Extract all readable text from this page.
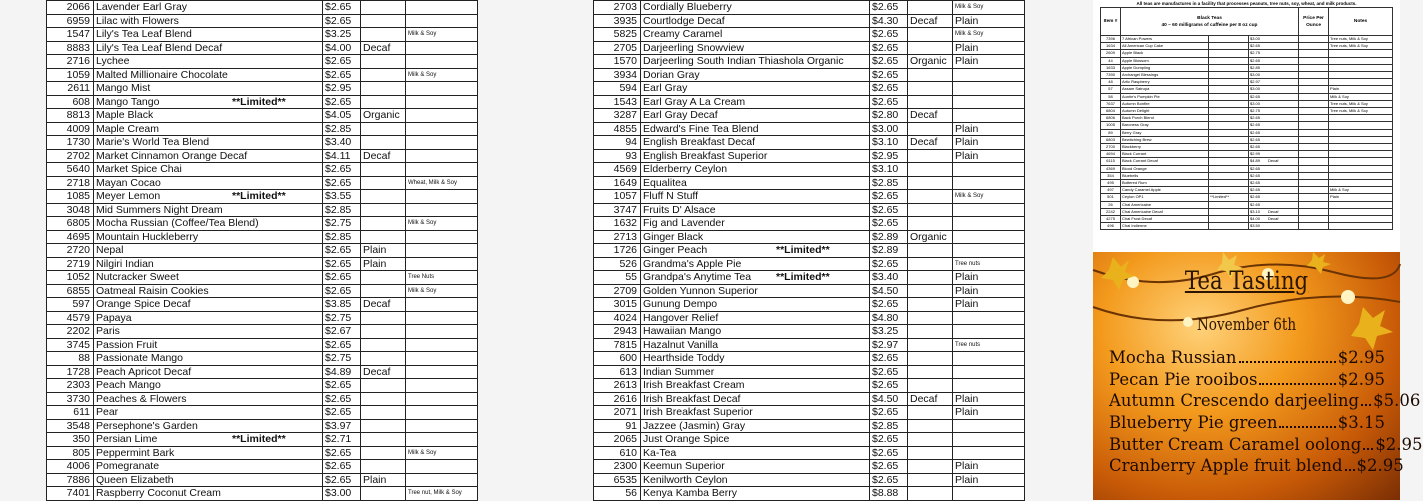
2066	Lavender Earl Gray	$2.65		
6959	Lilac with Flowers	$2.65		
1547	Lily's Tea Leaf Blend	$3.25		Milk & Soy
8883	Lily's Tea Leaf Blend Decaf	$4.00	Decaf	
2716	Lychee	$2.65		
1059	Malted Millionaire Chocolate	$2.65		Milk & Soy
2611	Mango Mist	$2.95		
608	Mango Tango **Limited**	$2.65		
8813	Maple Black	$4.05	Organic	
4009	Maple Cream	$2.85		
1730	Marie's World Tea Blend	$3.40		
2702	Market Cinnamon Orange Decaf	$4.11	Decaf	
5640	Market Spice Chai	$2.65		
2718	Mayan Cocao	$2.65		Wheat, Milk & Soy
1085	Meyer Lemon **Limited**	$3.55		
3048	Mid Summers Night Dream	$2.85		
6805	Mocha Russian (Coffee/Tea Blend)	$2.75		Milk & Soy
4695	Mountain Huckleberry	$2.85		
2720	Nepal	$2.65	Plain	
2719	Nilgiri Indian	$2.65	Plain	
1052	Nutcracker Sweet	$2.65		Tree Nuts
6855	Oatmeal Raisin Cookies	$2.65		Milk & Soy
597	Orange Spice Decaf	$3.85	Decaf	
4579	Papaya	$2.75		
2202	Paris	$2.67		
3745	Passion Fruit	$2.65		
88	Passionate Mango	$2.75		
1728	Peach Apricot Decaf	$4.89	Decaf	
2303	Peach Mango	$2.65		
3730	Peaches & Flowers	$2.65		
611	Pear	$2.65		
3548	Persephone's Garden	$3.97		
350	Persian Lime **Limited**	$2.71		
805	Peppermint Bark	$2.65		Milk & Soy
4006	Pomegranate	$2.65		
7886	Queen Elizabeth	$2.65	Plain	
7401	Raspberry Coconut Cream	$3.00		Tree nut, Milk & Soy
2703	Cordially Blueberry	$2.65		Milk & Soy
3935	Courtlodge Decaf	$4.30	Decaf	Plain
5825	Creamy Caramel	$2.65		Milk & Soy
2705	Darjeerling Snowview	$2.65		Plain
1570	Darjeerling South Indian Thiashola Organic	$2.65	Organic	Plain
3934	Dorian Gray	$2.65		
594	Earl Gray	$2.65		
1543	Earl Gray A La Cream	$2.65		
3287	Earl Gray Decaf	$2.80	Decaf	
4855	Edward's Fine Tea Blend	$3.00		Plain
94	English Breakfast Decaf	$3.10	Decaf	Plain
93	English Breakfast Superior	$2.95		Plain
4569	Elderberry Ceylon	$3.10		
1649	Equalitea	$2.85		
1057	Fluff N Stuff	$2.65		Milk & Soy
3747	Fruits D' Alsace	$2.65		
1632	Fig and Lavender	$2.65		
2713	Ginger Black	$2.89	Organic	
1726	Ginger Peach **Limited**	$2.89		
526	Grandma's Apple Pie	$2.65		Tree nuts
55	Grandpa's Anytime Tea **Limited**	$3.40		Plain
2709	Golden Yunnon Superior	$4.50		Plain
3015	Gunung Dempo	$2.65		Plain
4024	Hangover Relief	$4.80		
2943	Hawaiian Mango	$3.25		
7815	Hazalnut Vanilla	$2.97		Tree nuts
600	Hearthside Toddy	$2.65		
613	Indian Summer	$2.65		
2613	Irish Breakfast Cream	$2.65		
2616	Irish Breakfast Decaf	$4.50	Decaf	Plain
2071	Irish Breakfast Superior	$2.65		Plain
91	Jazzee (Jasmin) Gray	$2.85		
2065	Just Orange Spice	$2.65		
610	Ka-Tea	$2.65		
2300	Keemun Superior	$2.65		Plain
6535	Kenilworth Ceylon	$2.65		Plain
56	Kenya Kamba Berry	$8.88		
All teas are manufactures in a facility that processes peanuts, tree nuts, soy, wheat, and milk products.
Item #	Black Teas
40 – 60 milligrams of caffeine per 8 oz cup			Price Per Ounce	Notes
7396	7 African Powers		$3.00		Tree nuts, Milk & Soy
1634	All American Cup Cake		$2.65		Tree nuts, Milk & Soy
2609	Apple Black		$2.75		
44	Apple Blossom		$2.65		
1633	Apple Dumpling		$2.85		
7390	Archangel Blessings		$3.00		
48	Artic Raspberry		$2.97		
57	Assam Satrupa		$3.00		Plain
58	Auntie's Pumpkin Pie		$2.65		Milk & Soy
7637	Autumn Bonfire		$3.00		Tree nuts, Milk & Soy
6804	Autumn Delight		$2.75		Tree nuts, Milk & Soy
6806	Back Porch Blend		$2.65		
1005	Baroness Gray		$2.65		
89	Berry Gray		$2.65		
6803	Bewitching Brew		$2.65		
2700	Blackberry		$2.65		
4694	Black Currant		$2.99		
6115	Black Currant Decaf		$4.89 Decaf		
4369	Blood Orange		$2.65		
354	Bluebells		$2.65		
495	Buttered Rum		$2.65		
497	Candy Caramel Apple		$2.65		Milk & Soy
501	Ceylon OP1	**Limited**	$2.65		Plain
26	Chai Americaine		$2.65		
2242	Chai Americaine Decaf		$3.10 Decaf		
4275	Chai Frost Decaf		$4.00 Decaf		
496	Chai Indienne		$3.50		
Tea Tasting
November 6th
Mocha Russian	$2.95
Pecan Pie rooibos	$2.95
Autumn Crescendo darjeeling $5.06
Blueberry Pie green	$3.15
Butter Cream Caramel oolong $2.95
Cranberry Apple fruit blend $2.95
